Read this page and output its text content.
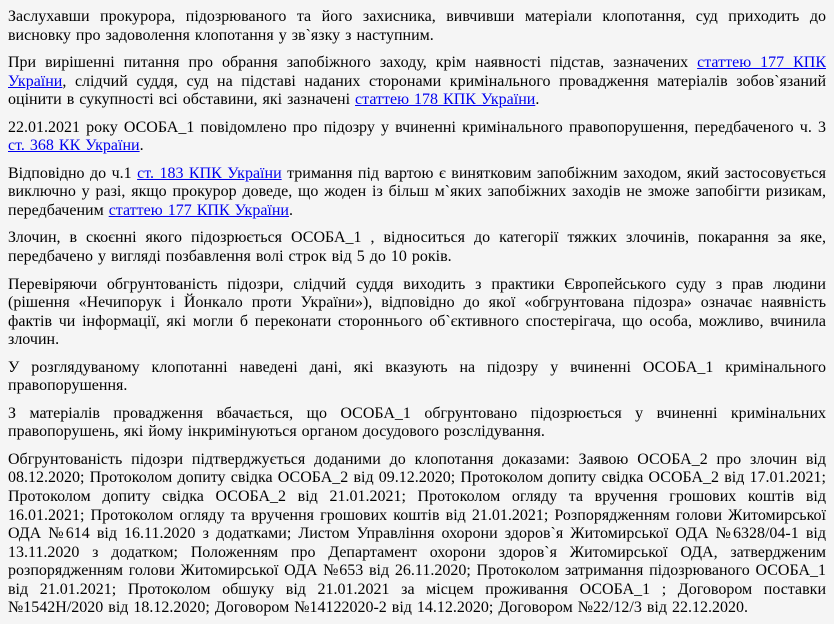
Заслухавши прокурора, підозрюваного та його захисника, вивчивши матеріали клопотання, суд приходить до висновку про задоволення клопотання у зв`язку з наступним.

При вирішенні питання про обрання запобіжного заходу, крім наявності підстав, зазначених статтею 177 КПК України, слідчий суддя, суд на підставі наданих сторонами кримінального провадження матеріалів зобов`язаний оцінити в сукупності всі обставини, які зазначені статтею 178 КПК України.

22.01.2021 року ОСОБА_1 повідомлено про підозру у вчиненні кримінального правопорушення, передбаченого ч. 3 ст. 368 КК України.

Відповідно до ч.1 ст. 183 КПК України тримання під вартою є винятковим запобіжним заходом, який застосовується виключно у разі, якщо прокурор доведе, що жоден із більш м`яких запобіжних заходів не зможе запобігти ризикам, передбаченим статтею 177 КПК України.

Злочин, в скоєнні якого підозрюється ОСОБА_1 , відноситься до категорії тяжких злочинів, покарання за яке, передбачено у вигляді позбавлення волі строк від 5 до 10 років.

Перевіряючи обгрунтованість підозри, слідчий суддя виходить з практики Європейського суду з прав людини (рішення «Нечипорук і Йонкало проти України»), відповідно до якої «обгрунтована підозра» означає наявність фактів чи інформації, які могли б переконати стороннього об`єктивного спостерігача, що особа, можливо, вчинила злочин.

У розглядуваному клопотанні наведені дані, які вказують на підозру у вчиненні ОСОБА_1 кримінального правопорушення.

З матеріалів провадження вбачається, що ОСОБА_1 обгрунтовано підозрюється у вчиненні кримінальних правопорушень, які йому інкримінуються органом досудового розслідування.

Обгрунтованість підозри підтверджується доданими до клопотання доказами: Заявою ОСОБА_2 про злочин від 08.12.2020; Протоколом допиту свідка ОСОБА_2 від 09.12.2020; Протоколом допиту свідка ОСОБА_2 від 17.01.2021; Протоколом допиту свідка ОСОБА_2 від 21.01.2021; Протоколом огляду та вручення грошових коштів від 16.01.2021; Протоколом огляду та вручення грошових коштів від 21.01.2021; Розпорядженням голови Житомирської ОДА №614 від 16.11.2020 з додатками; Листом Управління охорони здоров`я Житомирської ОДА №6328/04-1 від 13.11.2020 з додатком; Положенням про Департамент охорони здоров`я Житомирської ОДА, затвердженим розпорядженням голови Житомирської ОДА №653 від 26.11.2020; Протоколом затримання підозрюваного ОСОБА_1 від 21.01.2021; Протоколом обшуку від 21.01.2021 за місцем проживання ОСОБА_1 ; Договором поставки №1542Н/2020 від 18.12.2020; Договором №14122020-2 від 14.12.2020; Договором №22/12/3 від 22.12.2020.
